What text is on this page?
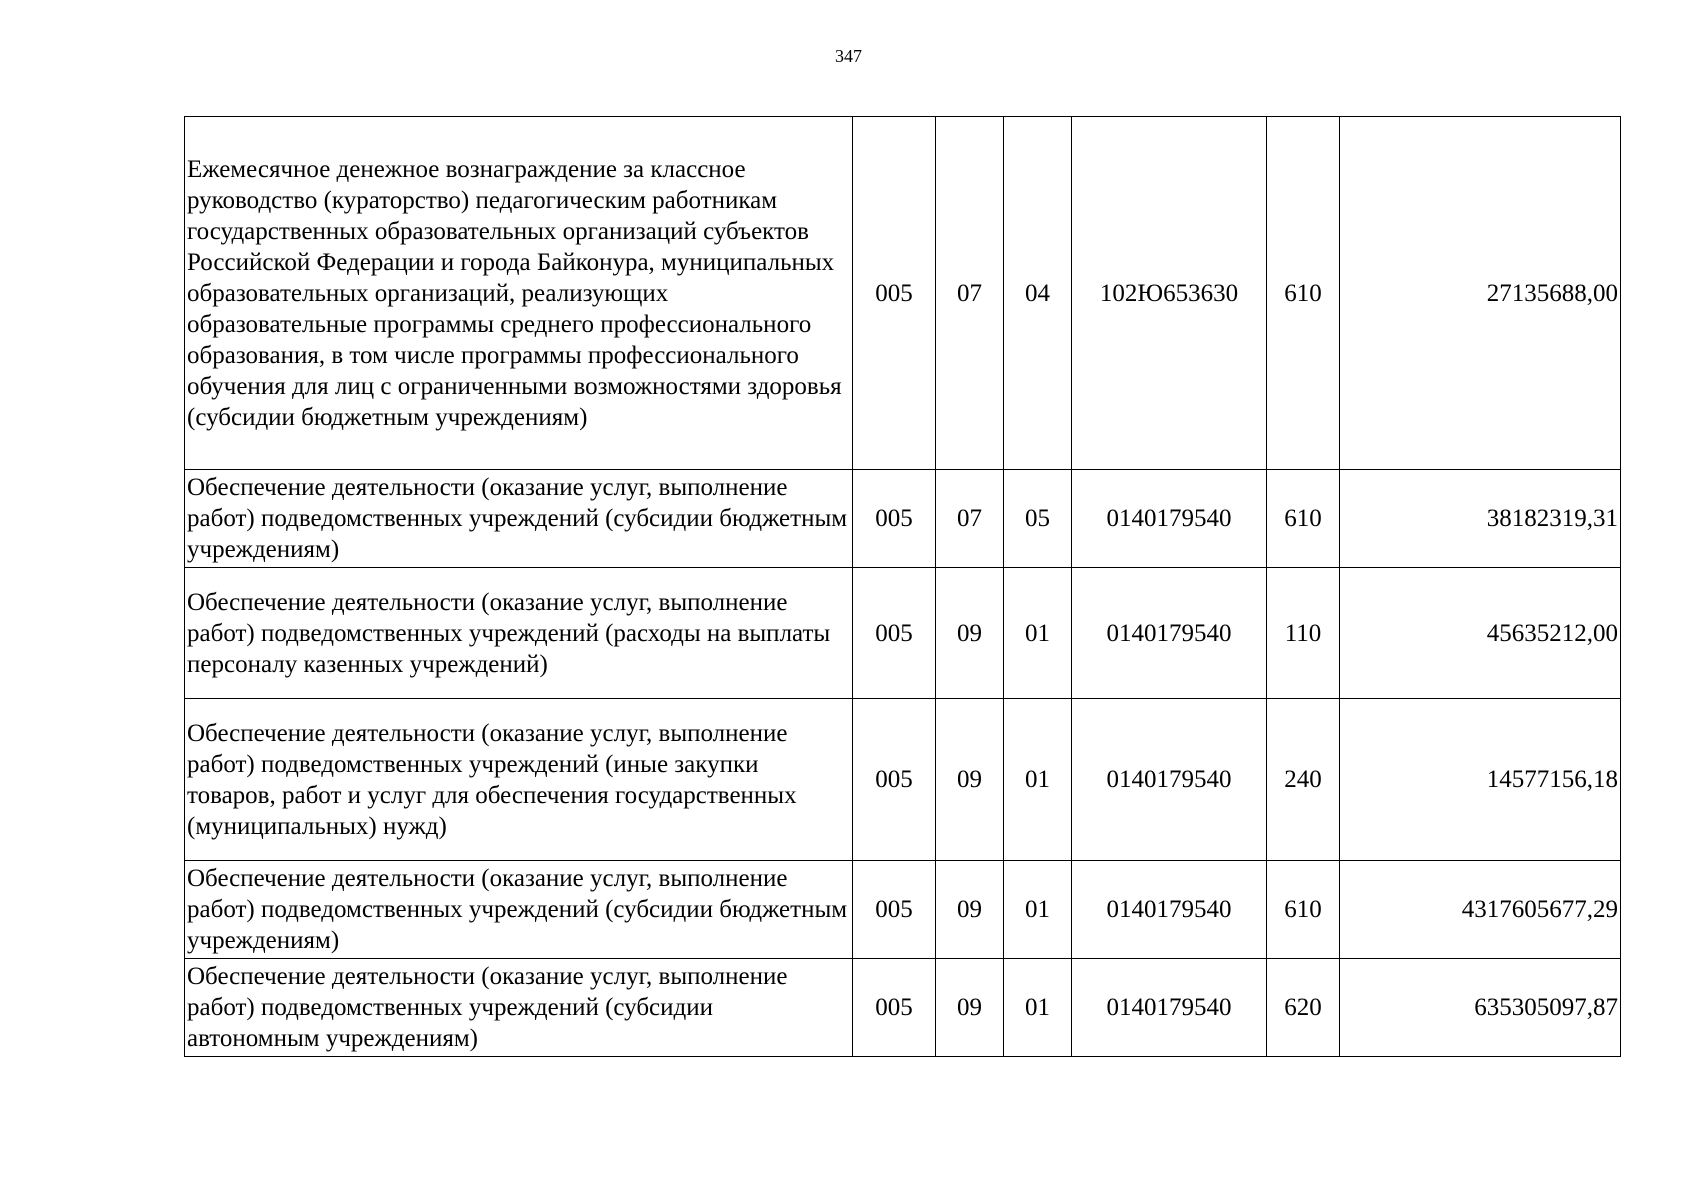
347
Ежемесячное денежное вознаграждение за классное руководство (кураторство) педагогическим работникам государственных образовательных организаций субъектов Российской Федерации и города Байконура, муниципальных образовательных организаций, реализующих образовательные программы среднего профессионального образования, в том числе программы профессионального обучения для лиц с ограниченными возможностями здоровья (субсидии бюджетным учреждениям)	005	07	04	102Ю653630	610	27135688,00
Обеспечение деятельности (оказание услуг, выполнение работ) подведомственных учреждений (субсидии бюджетным учреждениям)	005	07	05	0140179540	610	38182319,31
Обеспечение деятельности (оказание услуг, выполнение работ) подведомственных учреждений (расходы на выплаты персоналу казенных учреждений)	005	09	01	0140179540	110	45635212,00
Обеспечение деятельности (оказание услуг, выполнение работ) подведомственных учреждений (иные закупки товаров, работ и услуг для обеспечения государственных (муниципальных) нужд)	005	09	01	0140179540	240	14577156,18
Обеспечение деятельности (оказание услуг, выполнение работ) подведомственных учреждений (субсидии бюджетным учреждениям)	005	09	01	0140179540	610	4317605677,29
Обеспечение деятельности (оказание услуг, выполнение работ) подведомственных учреждений (субсидии автономным учреждениям)	005	09	01	0140179540	620	635305097,87
